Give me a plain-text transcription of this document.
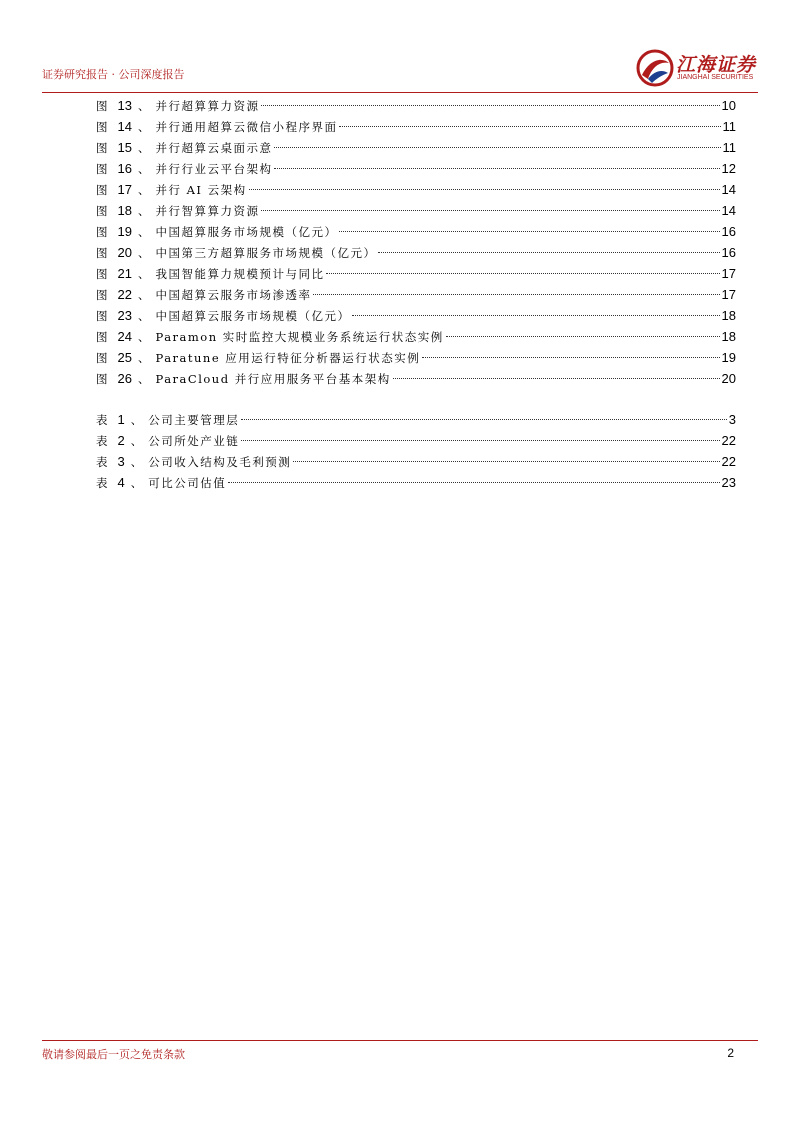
证券研究报告 · 公司深度报告	江海证券
JIANGHAI SECURITIES
图 13 、 并行超算算力资源	10
图 14 、 并行通用超算云微信小程序界面	11
图 15 、 并行超算云桌面示意	11
图 16 、 并行行业云平台架构	12
图 17 、 并行 AI 云架构	14
图 18 、 并行智算算力资源	14
图 19 、 中国超算服务市场规模（亿元）	16
图 20 、 中国第三方超算服务市场规模（亿元）	16
图 21 、 我国智能算力规模预计与同比	17
图 22 、 中国超算云服务市场渗透率	17
图 23 、 中国超算云服务市场规模（亿元）	18
图 24 、 Paramon 实时监控大规模业务系统运行状态实例	18
图 25 、 Paratune 应用运行特征分析器运行状态实例	19
图 26 、 ParaCloud 并行应用服务平台基本架构	20
表 1 、 公司主要管理层	3
表 2 、 公司所处产业链	22
表 3 、 公司收入结构及毛利预测	22
表 4 、 可比公司估值	23
敬请参阅最后一页之免责条款	2
